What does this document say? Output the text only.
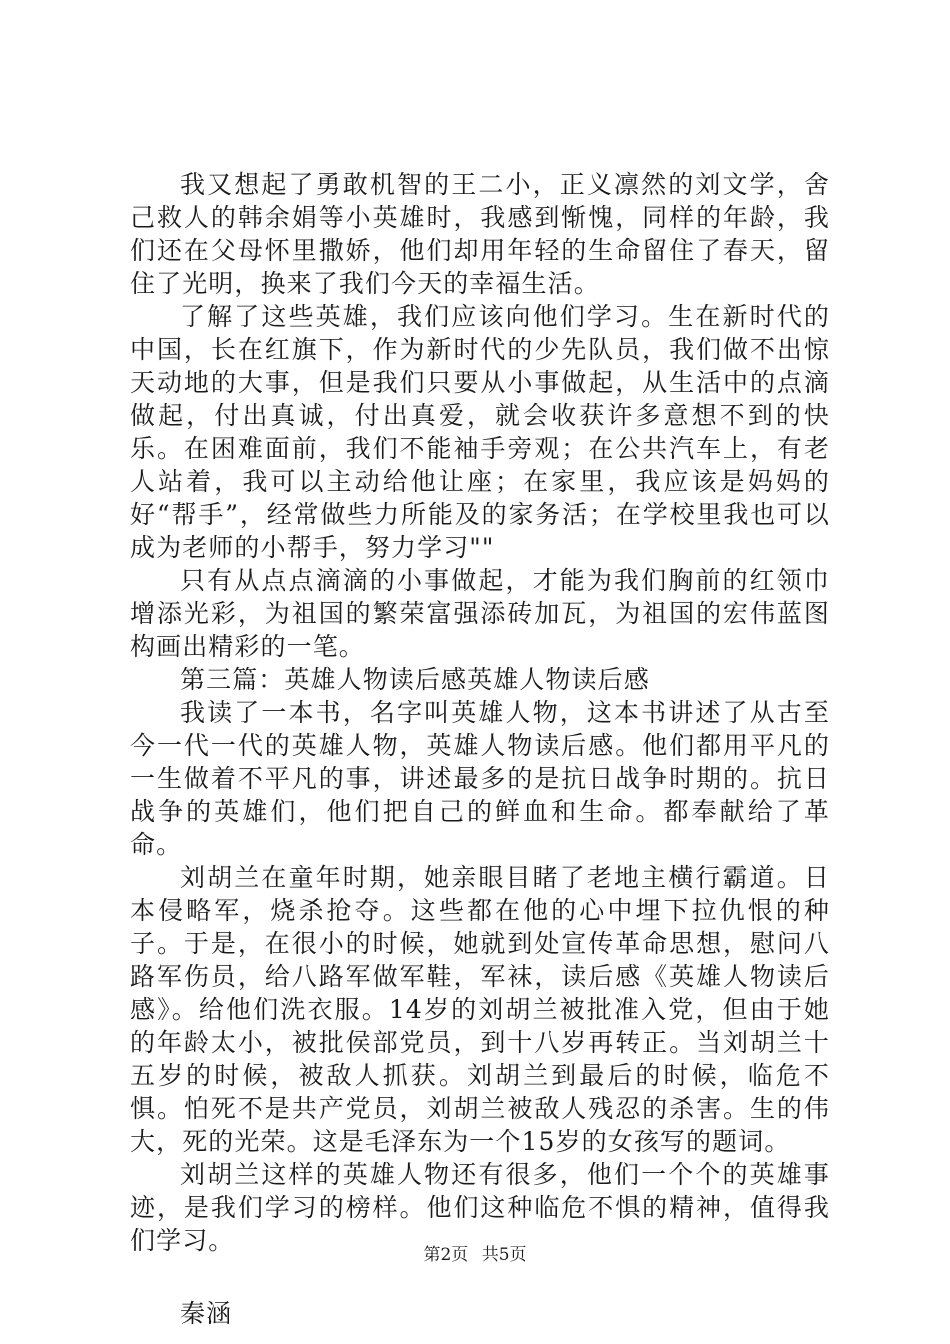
我又想起了勇敢机智的王二小，正义凛然的刘文学，舍己救人的韩余娟等小英雄时，我感到惭愧，同样的年龄，我们还在父母怀里撒娇，他们却用年轻的生命留住了春天，留住了光明，换来了我们今天的幸福生活。

了解了这些英雄，我们应该向他们学习。生在新时代的中国，长在红旗下，作为新时代的少先队员，我们做不出惊天动地的大事，但是我们只要从小事做起，从生活中的点滴做起，付出真诚，付出真爱，就会收获许多意想不到的快乐。在困难面前，我们不能袖手旁观；在公共汽车上，有老人站着，我可以主动给他让座；在家里，我应该是妈妈的好“帮手”，经常做些力所能及的家务活；在学校里我也可以成为老师的小帮手，努力学习""

只有从点点滴滴的小事做起，才能为我们胸前的红领巾增添光彩，为祖国的繁荣富强添砖加瓦，为祖国的宏伟蓝图构画出精彩的一笔。

第三篇：英雄人物读后感英雄人物读后感

我读了一本书，名字叫英雄人物，这本书讲述了从古至今一代一代的英雄人物，英雄人物读后感。他们都用平凡的一生做着不平凡的事，讲述最多的是抗日战争时期的。抗日战争的英雄们，他们把自己的鲜血和生命。都奉献给了革命。

刘胡兰在童年时期，她亲眼目睹了老地主横行霸道。日本侵略军，烧杀抢夺。这些都在他的心中埋下拉仇恨的种子。于是，在很小的时候，她就到处宣传革命思想，慰问八路军伤员，给八路军做军鞋，军袜，读后感《英雄人物读后感》。给他们洗衣服。14岁的刘胡兰被批准入党，但由于她的年龄太小，被批侯部党员，到十八岁再转正。当刘胡兰十五岁的时候，被敌人抓获。刘胡兰到最后的时候，临危不惧。怕死不是共产党员，刘胡兰被敌人残忍的杀害。生的伟大，死的光荣。这是毛泽东为一个15岁的女孩写的题词。

刘胡兰这样的英雄人物还有很多，他们一个个的英雄事迹，是我们学习的榜样。他们这种临危不惧的精神，值得我们学习。

秦涵

第2页 共5页
